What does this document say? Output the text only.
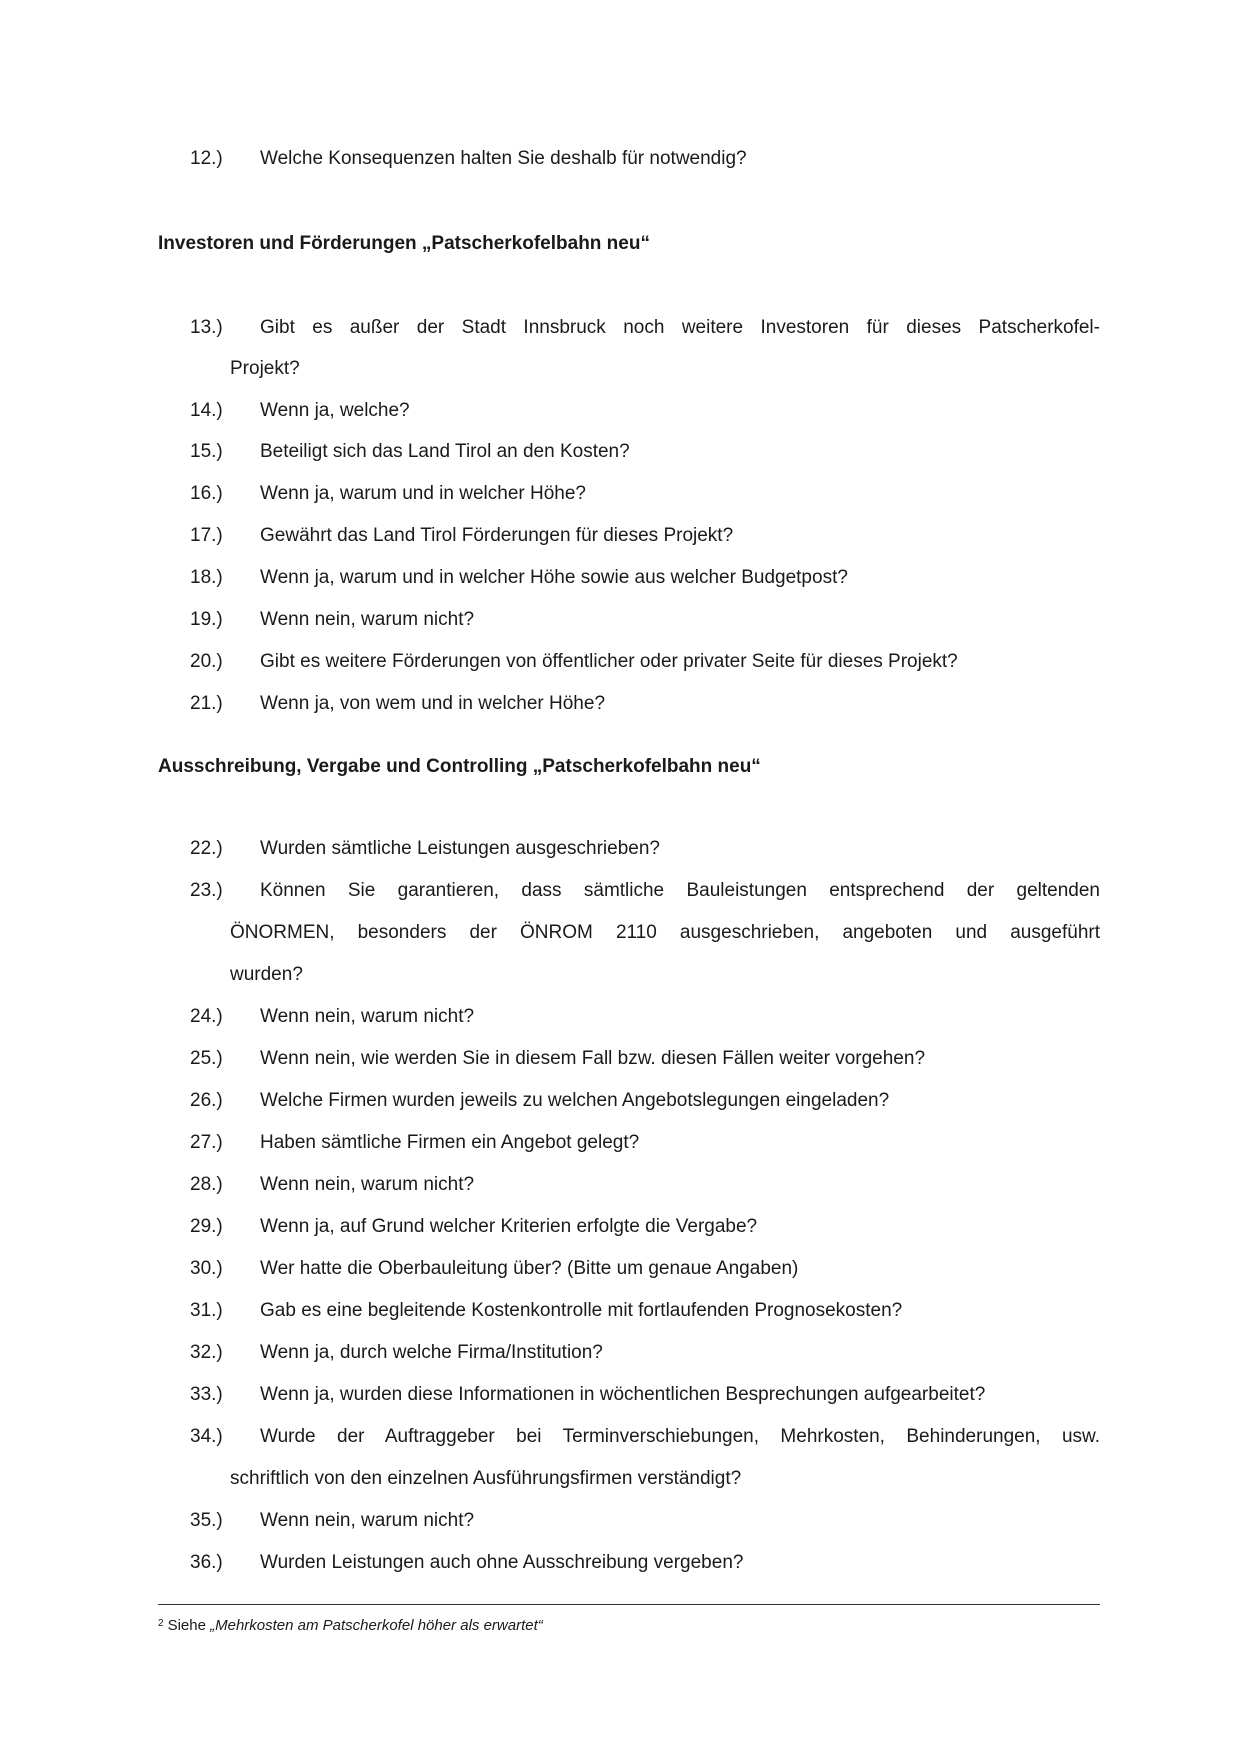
12.)	Welche Konsequenzen halten Sie deshalb für notwendig?
Investoren und Förderungen „Patscherkofelbahn neu“
13.)	Gibt es außer der Stadt Innsbruck noch weitere Investoren für dieses Patscherkofel-
Projekt?
14.)	Wenn ja, welche?
15.)	Beteiligt sich das Land Tirol an den Kosten?
16.)	Wenn ja, warum und in welcher Höhe?
17.)	Gewährt das Land Tirol Förderungen für dieses Projekt?
18.)	Wenn ja, warum und in welcher Höhe sowie aus welcher Budgetpost?
19.)	Wenn nein, warum nicht?
20.)	Gibt es weitere Förderungen von öffentlicher oder privater Seite für dieses Projekt?
21.)	Wenn ja, von wem und in welcher Höhe?
Ausschreibung, Vergabe und Controlling „Patscherkofelbahn neu“
22.)	Wurden sämtliche Leistungen ausgeschrieben?
23.)	Können Sie garantieren, dass sämtliche Bauleistungen entsprechend der geltenden
ÖNORMEN, besonders der ÖNROM 2110 ausgeschrieben, angeboten und ausgeführt
wurden?
24.)	Wenn nein, warum nicht?
25.)	Wenn nein, wie werden Sie in diesem Fall bzw. diesen Fällen weiter vorgehen?
26.)	Welche Firmen wurden jeweils zu welchen Angebotslegungen eingeladen?
27.)	Haben sämtliche Firmen ein Angebot gelegt?
28.)	Wenn nein, warum nicht?
29.)	Wenn ja, auf Grund welcher Kriterien erfolgte die Vergabe?
30.)	Wer hatte die Oberbauleitung über? (Bitte um genaue Angaben)
31.)	Gab es eine begleitende Kostenkontrolle mit fortlaufenden Prognosekosten?
32.)	Wenn ja, durch welche Firma/Institution?
33.)	Wenn ja, wurden diese Informationen in wöchentlichen Besprechungen aufgearbeitet?
34.)	Wurde der Auftraggeber bei Terminverschiebungen, Mehrkosten, Behinderungen, usw.
schriftlich von den einzelnen Ausführungsfirmen verständigt?
35.)	Wenn nein, warum nicht?
36.)	Wurden Leistungen auch ohne Ausschreibung vergeben?
$^2$ Siehe „Mehrkosten am Patscherkofel höher als erwartet“
